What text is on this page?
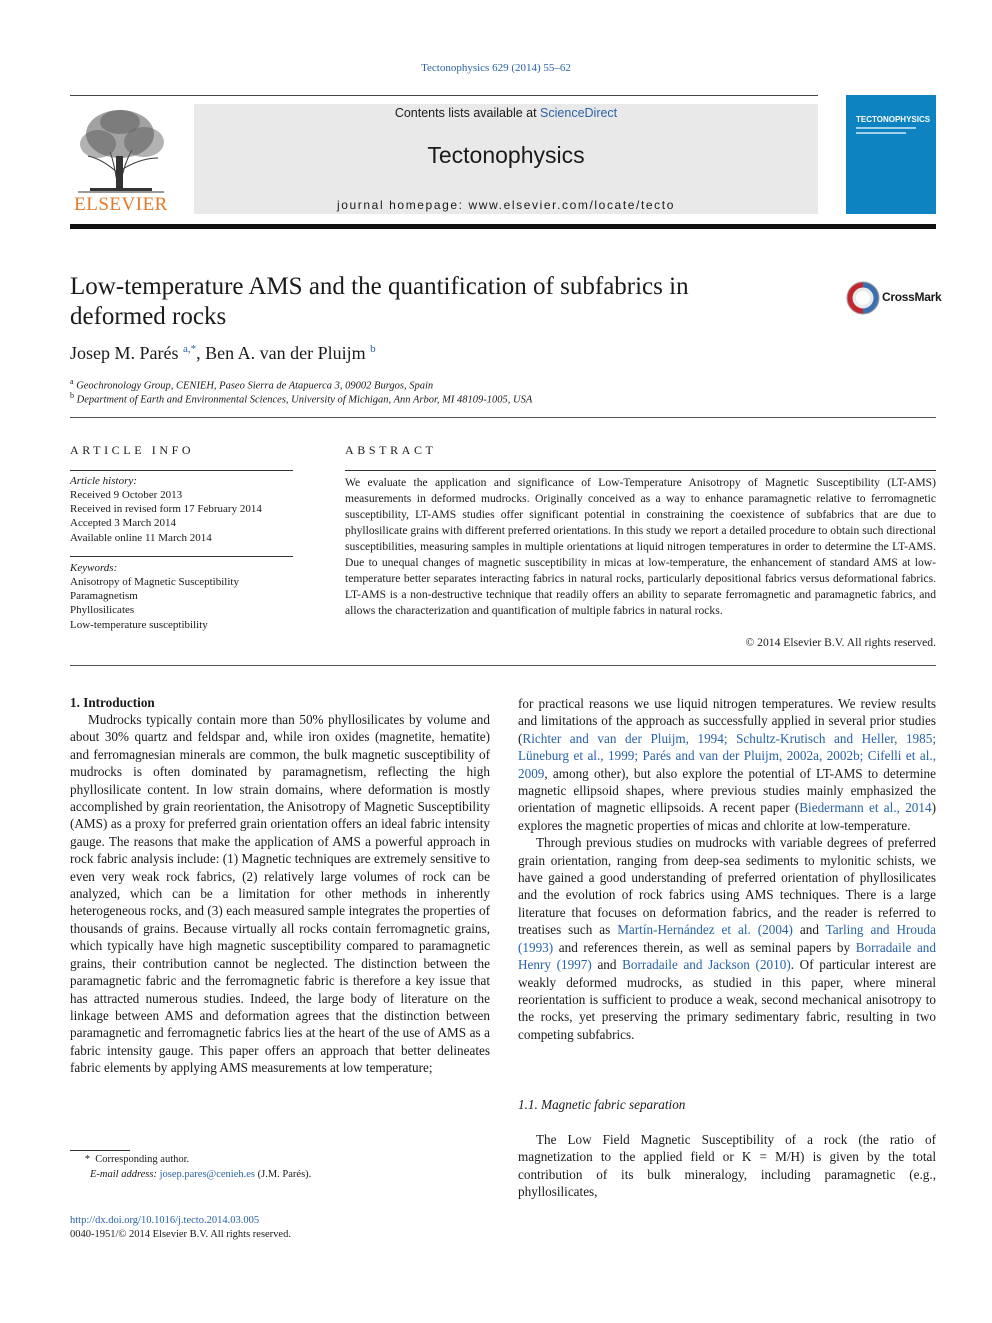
Tectonophysics 629 (2014) 55–62
ELSEVIER
Contents lists available at ScienceDirect
Tectonophysics
journal homepage: www.elsevier.com/locate/tecto
TECTONOPHYSICS
Low-temperature AMS and the quantification of subfabrics in deformed rocks
CrossMark
Josep M. Parés $^{a,*}$, Ben A. van der Pluijm $^b$
$^a$ Geochronology Group, CENIEH, Paseo Sierra de Atapuerca 3, 09002 Burgos, Spain
$^b$ Department of Earth and Environmental Sciences, University of Michigan, Ann Arbor, MI 48109-1005, USA
ARTICLE INFO
Article history:
Received 9 October 2013
Received in revised form 17 February 2014
Accepted 3 March 2014
Available online 11 March 2014
Keywords:
Anisotropy of Magnetic Susceptibility
Paramagnetism
Phyllosilicates
Low-temperature susceptibility
ABSTRACT
We evaluate the application and significance of Low-Temperature Anisotropy of Magnetic Susceptibility (LT-AMS) measurements in deformed mudrocks. Originally conceived as a way to enhance paramagnetic relative to ferromagnetic susceptibility, LT-AMS studies offer significant potential in constraining the coexistence of subfabrics that are due to phyllosilicate grains with different preferred orientations. In this study we report a detailed procedure to obtain such directional susceptibilities, measuring samples in multiple orientations at liquid nitrogen temperatures in order to determine the LT-AMS. Due to unequal changes of magnetic susceptibility in micas at low-temperature, the enhancement of standard AMS at low-temperature better separates interacting fabrics in natural rocks, particularly depositional fabrics versus deformational fabrics. LT-AMS is a non-destructive technique that readily offers an ability to separate ferromagnetic and paramagnetic fabrics, and allows the characterization and quantification of multiple fabrics in natural rocks.
© 2014 Elsevier B.V. All rights reserved.
1. Introduction

Mudrocks typically contain more than 50% phyllosilicates by volume and about 30% quartz and feldspar and, while iron oxides (magnetite, hematite) and ferromagnesian minerals are common, the bulk magnetic susceptibility of mudrocks is often dominated by paramagnetism, reflecting the high phyllosilicate content. In low strain domains, where deformation is mostly accomplished by grain reorientation, the Anisotropy of Magnetic Susceptibility (AMS) as a proxy for preferred grain orientation offers an ideal fabric intensity gauge. The reasons that make the application of AMS a powerful approach in rock fabric analysis include: (1) Magnetic techniques are extremely sensitive to even very weak rock fabrics, (2) relatively large volumes of rock can be analyzed, which can be a limitation for other methods in inherently heterogeneous rocks, and (3) each measured sample integrates the properties of thousands of grains. Because virtually all rocks contain ferromagnetic grains, which typically have high magnetic susceptibility compared to paramagnetic grains, their contribution cannot be neglected. The distinction between the paramagnetic fabric and the ferromagnetic fabric is therefore a key issue that has attracted numerous studies. Indeed, the large body of literature on the linkage between AMS and deformation agrees that the distinction between paramagnetic and ferromagnetic fabrics lies at the heart of the use of AMS as a fabric intensity gauge. This paper offers an approach that better delineates fabric elements by applying AMS measurements at low temperature;

for practical reasons we use liquid nitrogen temperatures. We review results and limitations of the approach as successfully applied in several prior studies (Richter and van der Pluijm, 1994; Schultz-Krutisch and Heller, 1985; Lüneburg et al., 1999; Parés and van der Pluijm, 2002a, 2002b; Cifelli et al., 2009, among other), but also explore the potential of LT-AMS to determine magnetic ellipsoid shapes, where previous studies mainly emphasized the orientation of magnetic ellipsoids. A recent paper (Biedermann et al., 2014) explores the magnetic properties of micas and chlorite at low-temperature.

Through previous studies on mudrocks with variable degrees of preferred grain orientation, ranging from deep-sea sediments to mylonitic schists, we have gained a good understanding of preferred orientation of phyllosilicates and the evolution of rock fabrics using AMS techniques. There is a large literature that focuses on deformation fabrics, and the reader is referred to treatises such as Martín-Hernández et al. (2004) and Tarling and Hrouda (1993) and references therein, as well as seminal papers by Borradaile and Henry (1997) and Borradaile and Jackson (2010). Of particular interest are weakly deformed mudrocks, as studied in this paper, where mineral reorientation is sufficient to produce a weak, second mechanical anisotropy to the rocks, yet preserving the primary sedimentary fabric, resulting in two competing subfabrics.

1.1. Magnetic fabric separation

The Low Field Magnetic Susceptibility of a rock (the ratio of magnetization to the applied field or K = M/H) is given by the total contribution of its bulk mineralogy, including paramagnetic (e.g., phyllosilicates,

* Corresponding author.
E-mail address: josep.pares@cenieh.es (J.M. Parés).
http://dx.doi.org/10.1016/j.tecto.2014.03.005
0040-1951/© 2014 Elsevier B.V. All rights reserved.
